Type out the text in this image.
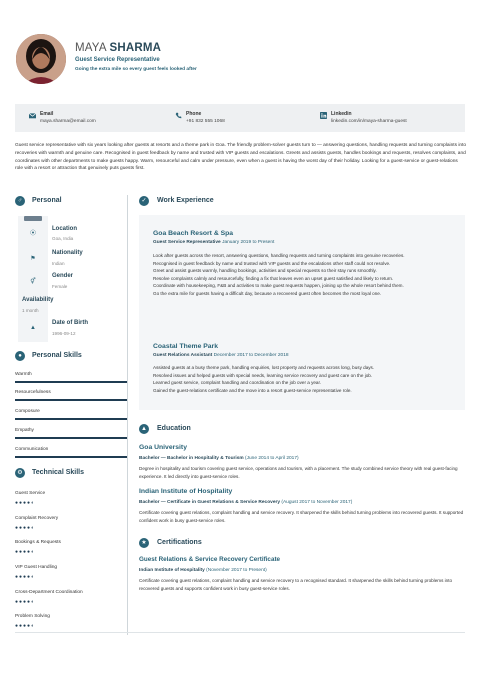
MAYA SHARMA
Guest Service Representative
Going the extra mile so every guest feels looked after
Email
maya.sharma@email.com
Phone
+91 832 555 1068
Linkedin
linkedin.com/in/maya-sharma-guest
Guest service representative with six years looking after guests at resorts and a theme park in Goa. The friendly problem-solver guests turn to — answering questions, handling requests and turning complaints into recoveries with warmth and genuine care. Recognised in guest feedback by name and trusted with VIP guests and escalations. Greets and assists guests, handles bookings and requests, resolves complaints, and coordinates with other departments to make guests happy. Warm, resourceful and calm under pressure, even when a guest is having the worst day of their holiday. Looking for a guest-service or guest-relations role with a resort or attraction that genuinely puts guests first.
♂	Personal
⦿
Location
Goa, India
⚑
Nationality
Indian
⚥
Gender
Female
Availability
1 month
▲
Date of Birth
1996-09-12
●	Personal Skills
Warmth
Resourcefulness
Composure
Empathy
Communication
⚙	Technical Skills
Guest Service
●●●●◐
Complaint Recovery
●●●●◐
Bookings & Requests
●●●●◐
VIP Guest Handling
●●●●◐
Cross-Department Coordination
●●●●◐
Problem Solving
●●●●◐
✓	Work Experience
Goa Beach Resort & Spa
Guest Service Representative January 2019 to Present

Look after guests across the resort, answering questions, handling requests and turning complaints into genuine recoveries.

Recognised in guest feedback by name and trusted with VIP guests and the escalations other staff could not resolve.

Greet and assist guests warmly, handling bookings, activities and special requests so their stay runs smoothly.

Resolve complaints calmly and resourcefully, finding a fix that leaves even an upset guest satisfied and likely to return.

Coordinate with housekeeping, F&B and activities to make guest requests happen, joining up the whole resort behind them.

Go the extra mile for guests having a difficult day, because a recovered guest often becomes the most loyal one.

Coastal Theme Park
Guest Relations Assistant December 2017 to December 2018

Assisted guests at a busy theme park, handling enquiries, lost property and requests across long, busy days.

Resolved issues and helped guests with special needs, learning service recovery and guest care on the job.

Learned guest service, complaint handling and coordination on the job over a year.

Gained the guest-relations certificate and the move into a resort guest-service representative role.

▲ Education
Goa University
Bachelor — Bachelor in Hospitality & Tourism (June 2014 to April 2017)
Degree in hospitality and tourism covering guest service, operations and tourism, with a placement. The study combined service theory with real guest-facing experience. It led directly into guest-service roles.
Indian Institute of Hospitality
Bachelor — Certificate in Guest Relations & Service Recovery (August 2017 to November 2017)
Certificate covering guest relations, complaint handling and service recovery. It sharpened the skills behind turning problems into recovered guests. It supported confident work in busy guest-service roles.
★	Certifications
Guest Relations & Service Recovery Certificate
Indian Institute of Hospitality (November 2017 to Present)
Certificate covering guest relations, complaint handling and service recovery to a recognised standard. It sharpened the skills behind turning problems into recovered guests and supports confident work in busy guest-service roles.
